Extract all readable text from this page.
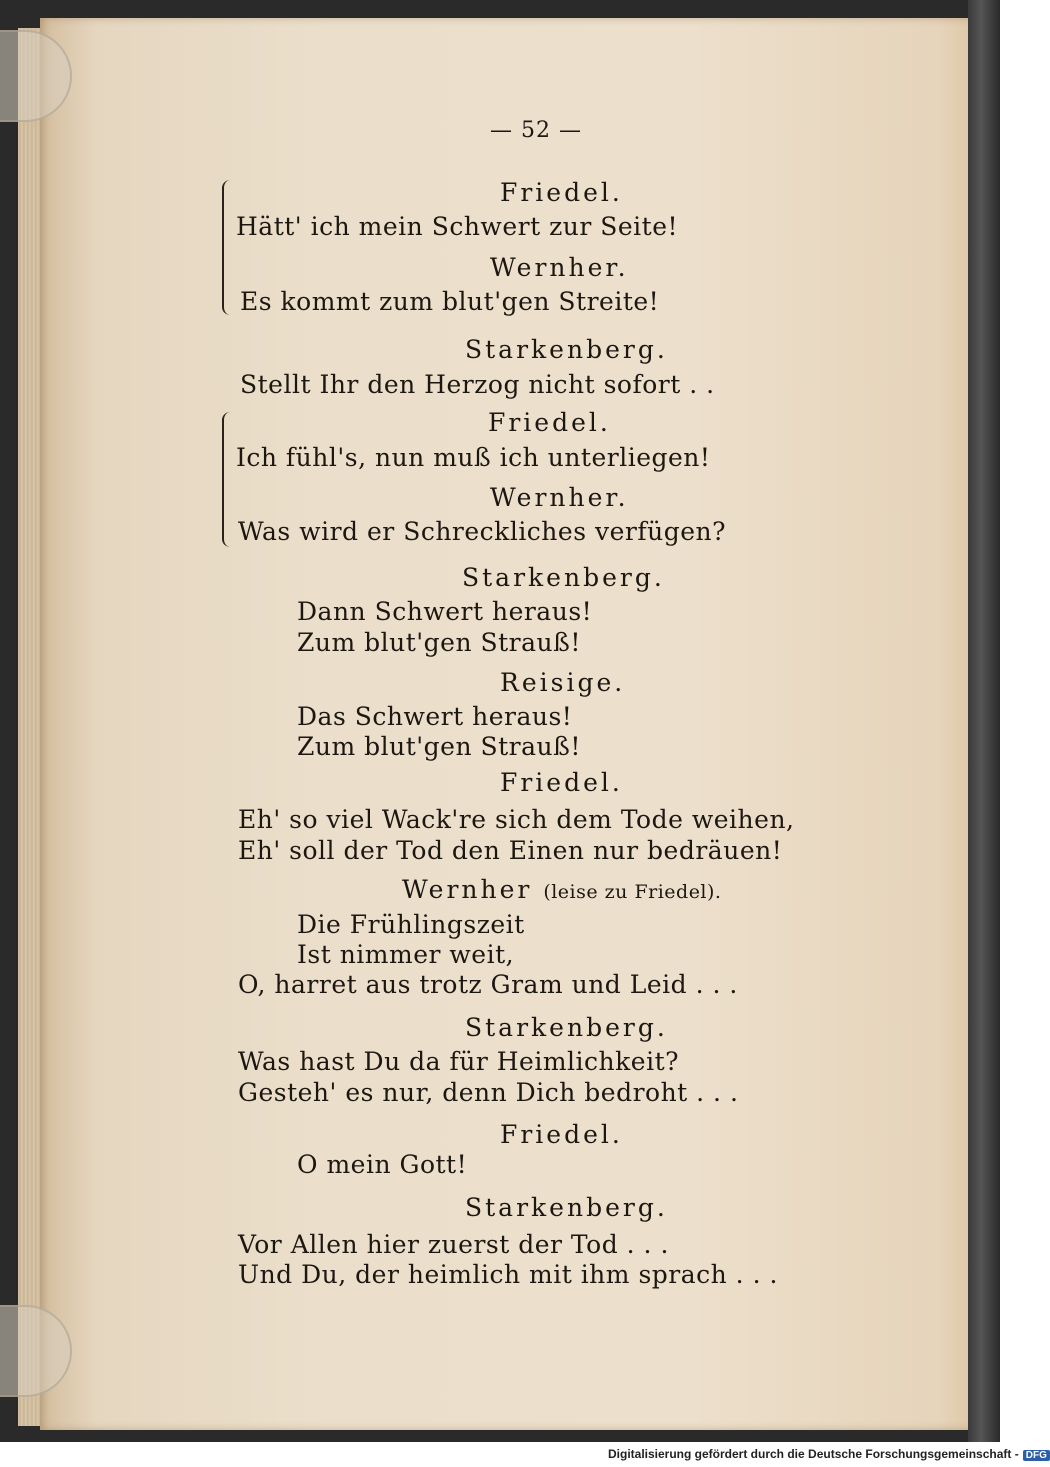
— 52 —
Friedel.
Hätt' ich mein Schwert zur Seite!
Wernher.
Es kommt zum blut'gen Streite!
Starkenberg.
Stellt Ihr den Herzog nicht sofort . .
Friedel.
Ich fühl's, nun muß ich unterliegen!
Wernher.
Was wird er Schreckliches verfügen?
Starkenberg.
Dann Schwert heraus!
Zum blut'gen Strauß!
Reisige.
Das Schwert heraus!
Zum blut'gen Strauß!
Friedel.
Eh' so viel Wack're sich dem Tode weihen,
Eh' soll der Tod den Einen nur bedräuen!
Wernher (leise zu Friedel).
Die Frühlingszeit
Ist nimmer weit,
O, harret aus trotz Gram und Leid . . .
Starkenberg.
Was hast Du da für Heimlichkeit?
Gesteh' es nur, denn Dich bedroht . . .
Friedel.
O mein Gott!
Starkenberg.
Vor Allen hier zuerst der Tod . . .
Und Du, der heimlich mit ihm sprach . . .
Digitalisierung gefördert durch die Deutsche Forschungsgemeinschaft - DFG
